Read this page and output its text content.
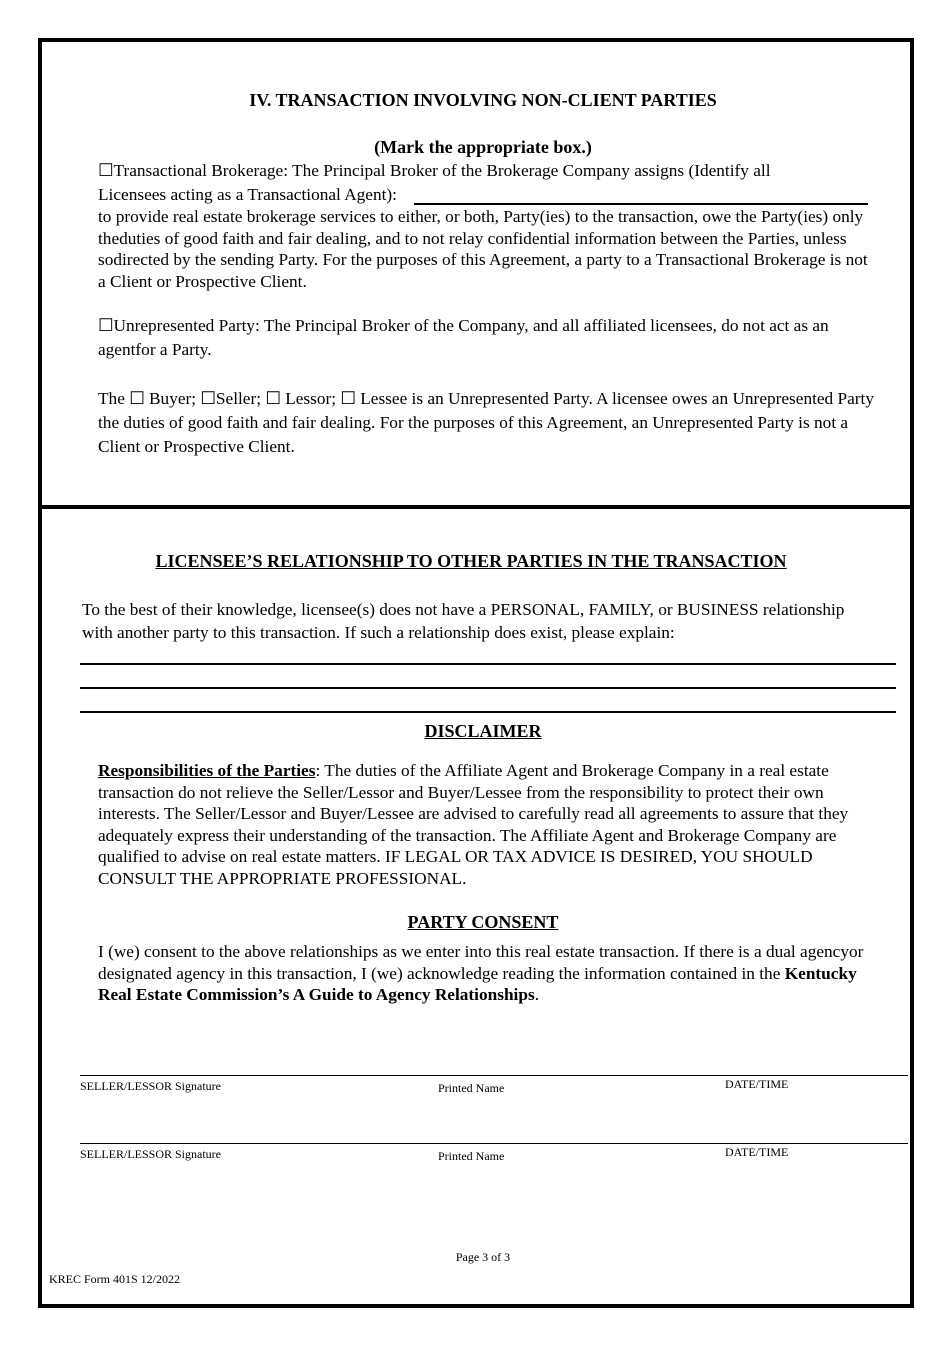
IV. TRANSACTION INVOLVING NON-CLIENT PARTIES
(Mark the appropriate box.)
☐Transactional Brokerage: The Principal Broker of the Brokerage Company assigns (Identify all
Licensees acting as a Transactional Agent):
to provide real estate brokerage services to either, or both, Party(ies) to the transaction, owe the Party(ies) only theduties of good faith and fair dealing, and to not relay confidential information between the Parties, unless sodirected by the sending Party. For the purposes of this Agreement, a party to a Transactional Brokerage is not a Client or Prospective Client.
☐Unrepresented Party: The Principal Broker of the Company, and all affiliated licensees, do not act as an agentfor a Party.
The ☐ Buyer; ☐Seller; ☐ Lessor; ☐ Lessee is an Unrepresented Party. A licensee owes an Unrepresented Party the duties of good faith and fair dealing. For the purposes of this Agreement, an Unrepresented Party is not a Client or Prospective Client.
LICENSEE’S RELATIONSHIP TO OTHER PARTIES IN THE TRANSACTION
To the best of their knowledge, licensee(s) does not have a PERSONAL, FAMILY, or BUSINESS relationship with another party to this transaction. If such a relationship does exist, please explain:
DISCLAIMER
Responsibilities of the Parties: The duties of the Affiliate Agent and Brokerage Company in a real estate transaction do not relieve the Seller/Lessor and Buyer/Lessee from the responsibility to protect their own interests. The Seller/Lessor and Buyer/Lessee are advised to carefully read all agreements to assure that they adequately express their understanding of the transaction. The Affiliate Agent and Brokerage Company are qualified to advise on real estate matters. IF LEGAL OR TAX ADVICE IS DESIRED, YOU SHOULD CONSULT THE APPROPRIATE PROFESSIONAL.
PARTY CONSENT
I (we) consent to the above relationships as we enter into this real estate transaction. If there is a dual agencyor designated agency in this transaction, I (we) acknowledge reading the information contained in the Kentucky Real Estate Commission’s A Guide to Agency Relationships.
SELLER/LESSOR Signature	Printed Name	DATE/TIME
SELLER/LESSOR Signature	Printed Name	DATE/TIME
Page 3 of 3
KREC Form 401S 12/2022
